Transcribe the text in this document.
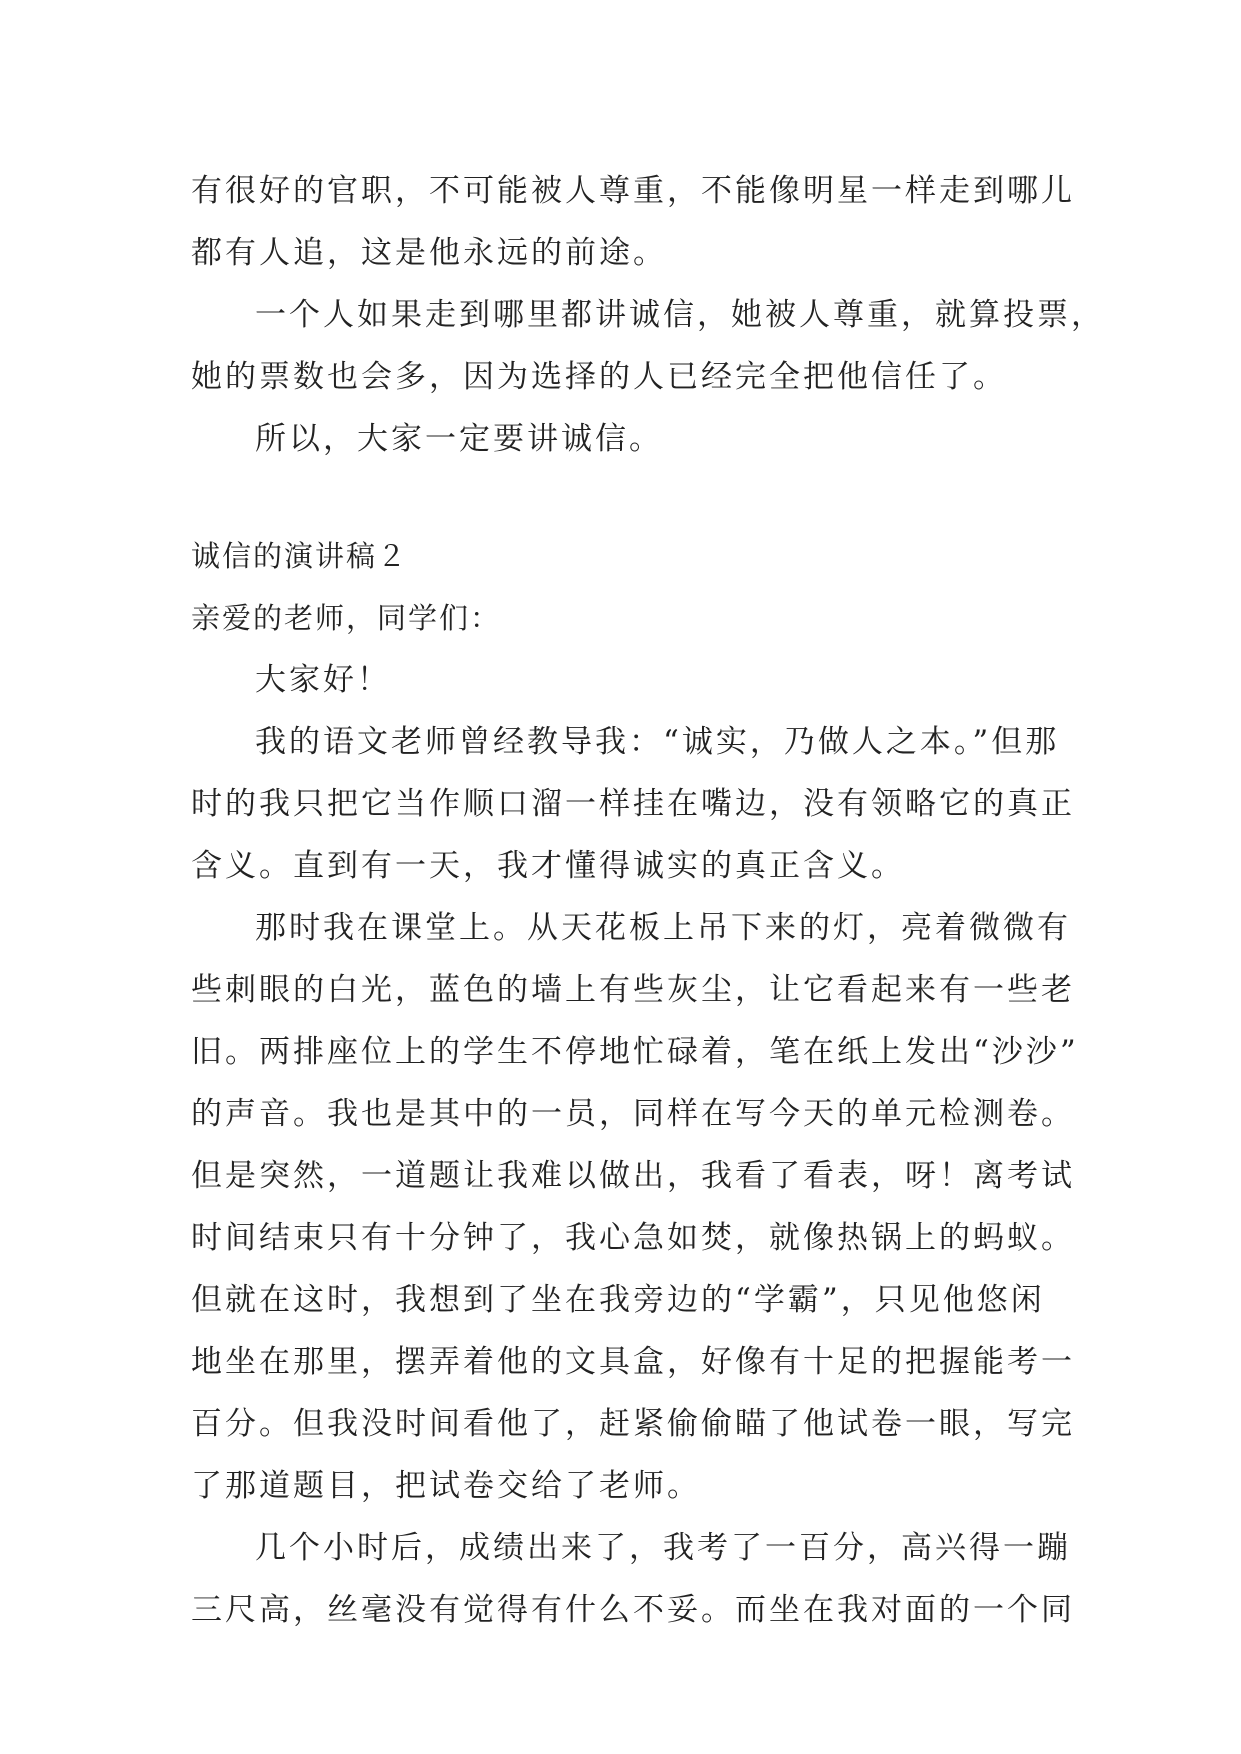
有很好的官职，不可能被人尊重，不能像明星一样走到哪儿
都有人追，这是他永远的前途。
一个人如果走到哪里都讲诚信，她被人尊重，就算投票，
她的票数也会多，因为选择的人已经完全把他信任了。
所以，大家一定要讲诚信。
诚信的演讲稿２
亲爱的老师，同学们：
大家好！
我的语文老师曾经教导我：“诚实，乃做人之本。”但那
时的我只把它当作顺口溜一样挂在嘴边，没有领略它的真正
含义。直到有一天，我才懂得诚实的真正含义。
那时我在课堂上。从天花板上吊下来的灯，亮着微微有
些刺眼的白光，蓝色的墙上有些灰尘，让它看起来有一些老
旧。两排座位上的学生不停地忙碌着，笔在纸上发出“沙沙”
的声音。我也是其中的一员，同样在写今天的单元检测卷。
但是突然，一道题让我难以做出，我看了看表，呀！离考试
时间结束只有十分钟了，我心急如焚，就像热锅上的蚂蚁。
但就在这时，我想到了坐在我旁边的“学霸”，只见他悠闲
地坐在那里，摆弄着他的文具盒，好像有十足的把握能考一
百分。但我没时间看他了，赶紧偷偷瞄了他试卷一眼，写完
了那道题目，把试卷交给了老师。
几个小时后，成绩出来了，我考了一百分，高兴得一蹦
三尺高，丝毫没有觉得有什么不妥。而坐在我对面的一个同
